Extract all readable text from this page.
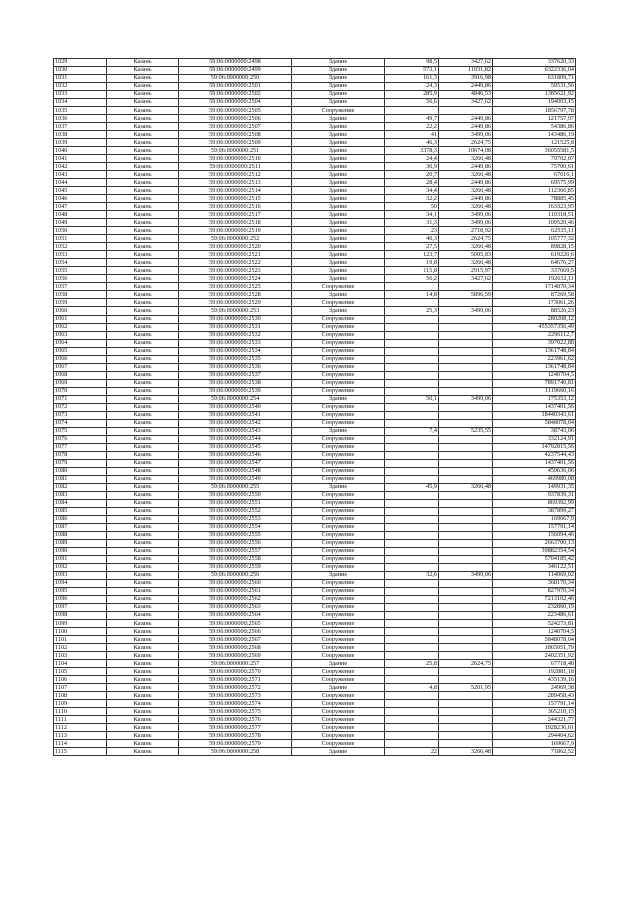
1029	Казань	59:06:0000000:2498	Здание	98,5	3427,62	337620,33
1030	Казань	59:06:0000000:2499	Здание	573,1	11031,82	6322336,04
1031	Казань	59:06:0000000:250	Здание	161,3	3916,98	631809,71
1032	Казань	59:06:0000000:2501	Здание	24,3	2449,86	59531,56
1033	Казань	59:06:0000000:2502	Здание	285,9	4846,53	1385621,92
1034	Казань	59:06:0000000:2504	Здание	56,6	3427,62	194003,15
1035	Казань	59:06:0000000:2505	Сооружение			1856797,78
1036	Казань	59:06:0000000:2506	Здание	49,7	2449,86	121757,97
1037	Казань	59:06:0000000:2507	Здание	22,2	2449,86	54386,86
1038	Казань	59:06:0000000:2508	Здание	41	3499,06	143486,19
1039	Казань	59:06:0000000:2509	Здание	46,3	2624,75	121525,8
1040	Казань	59:06:0000000:251	Здание	3378,3	10674,08	36055581,5
1041	Казань	59:06:0000000:2510	Здание	24,4	3266,48	79702,07
1042	Казань	59:06:0000000:2511	Здание	30,9	2449,86	75700,61
1043	Казань	59:06:0000000:2512	Здание	20,7	3266,48	67616,1
1044	Казань	59:06:0000000:2513	Здание	28,4	2449,86	69575,99
1045	Казань	59:06:0000000:2514	Здание	34,4	3266,48	112366,85
1046	Казань	59:06:0000000:2515	Здание	32,2	2449,86	78885,45
1047	Казань	59:06:0000000:2516	Здание	50	3266,48	163323,95
1048	Казань	59:06:0000000:2517	Здание	34,1	3499,06	119318,51
1049	Казань	59:06:0000000:2518	Здание	31,3	3499,06	109520,46
1050	Казань	59:06:0000000:2519	Здание	23	2718,92	62535,11
1051	Казань	59:06:0000000:252	Здание	40,3	2624,75	105777,32
1052	Казань	59:06:0000000:2520	Здание	27,5	3266,48	89828,15
1053	Казань	59:06:0000000:2521	Здание	123,7	5005,83	619220,6
1054	Казань	59:06:0000000:2522	Здание	19,8	3266,48	64676,27
1055	Казань	59:06:0000000:2523	Здание	115,8	2915,97	337669,5
1056	Казань	59:06:0000000:2524	Здание	56,2	3427,62	192632,11
1057	Казань	59:06:0000000:2525	Сооружение			1714870,34
1058	Казань	59:06:0000000:2528	Здание	14,8	5896,59	87269,58
1059	Казань	59:06:0000000:2529	Сооружение			173061,26
1060	Казань	59:06:0000000:253	Здание	25,3	3499,06	88526,23
1061	Казань	59:06:0000000:2530	Сооружение			280208,12
1062	Казань	59:06:0000000:2531	Сооружение			455357356,49
1063	Казань	59:06:0000000:2532	Сооружение			2296112,7
1064	Казань	59:06:0000000:2533	Сооружение			397022,88
1065	Казань	59:06:0000000:2534	Сооружение			1361748,84
1066	Казань	59:06:0000000:2535	Сооружение			223961,62
1067	Казань	59:06:0000000:2536	Сооружение			1361748,84
1068	Казань	59:06:0000000:2537	Сооружение			1240704,5
1069	Казань	59:06:0000000:2538	Сооружение			7891740,81
1070	Казань	59:06:0000000:2539	Сооружение			1119660,16
1071	Казань	59:06:0000000:254	Здание	50,1	3499,06	175353,12
1072	Казань	59:06:0000000:2540	Сооружение			1437401,56
1073	Казань	59:06:0000000:2541	Сооружение			18440343,61
1074	Казань	59:06:0000000:2542	Сооружение			5848078,04
1075	Казань	59:06:0000000:2543	Здание	7,4	5235,55	38743,06
1076	Казань	59:06:0000000:2544	Сооружение			332124,91
1077	Казань	59:06:0000000:2545	Сооружение			14792815,56
1078	Казань	59:06:0000000:2546	Сооружение			4237544,43
1079	Казань	59:06:0000000:2547	Сооружение			1437401,56
1080	Казань	59:06:0000000:2548	Сооружение			459636,06
1081	Казань	59:06:0000000:2549	Сооружение			469980,08
1082	Казань	59:06:0000000:255	Здание	45,9	3266,48	149931,35
1083	Казань	59:06:0000000:2550	Сооружение			937839,31
1084	Казань	59:06:0000000:2551	Сооружение			869392,99
1085	Казань	59:06:0000000:2552	Сооружение			387899,27
1086	Казань	59:06:0000000:2553	Сооружение			169667,9
1087	Казань	59:06:0000000:2554	Сооружение			157791,14
1088	Казань	59:06:0000000:2555	Сооружение			156094,46
1089	Казань	59:06:0000000:2556	Сооружение			2663700,13
1090	Казань	59:06:0000000:2557	Сооружение			39882354,54
1091	Казань	59:06:0000000:2558	Сооружение			5704185,42
1092	Казань	59:06:0000000:2559	Сооружение			346122,51
1093	Казань	59:06:0000000:256	Здание	32,6	3499,06	114069,02
1094	Казань	59:06:0000000:2560	Сооружение			368170,34
1095	Казань	59:06:0000000:2561	Сооружение			827970,34
1096	Казань	59:06:0000000:2562	Сооружение			7213102,46
1097	Казань	59:06:0000000:2563	Сооружение			232860,19
1098	Казань	59:06:0000000:2564	Сооружение			223486,61
1099	Казань	59:06:0000000:2565	Сооружение			524273,81
1100	Казань	59:06:0000000:2566	Сооружение			1240704,5
1101	Казань	59:06:0000000:2567	Сооружение			5848078,04
1102	Казань	59:06:0000000:2568	Сооружение			1865051,79
1103	Казань	59:06:0000000:2569	Сооружение			2402351,92
1104	Казань	59:06:0000000:257	Здание	25,8	2624,75	67718,48
1105	Казань	59:06:0000000:2570	Сооружение			192881,18
1106	Казань	59:06:0000000:2571	Сооружение			435139,16
1107	Казань	59:06:0000000:2572	Здание	4,8	5201,95	24969,38
1108	Казань	59:06:0000000:2573	Сооружение			289458,43
1109	Казань	59:06:0000000:2574	Сооружение			157791,14
1110	Казань	59:06:0000000:2575	Сооружение			365210,15
1111	Казань	59:06:0000000:2576	Сооружение			244321,77
1112	Казань	59:06:0000000:2577	Сооружение			1928236,61
1113	Казань	59:06:0000000:2578	Сооружение			294404,62
1114	Казань	59:06:0000000:2579	Сооружение			169667,9
1115	Казань	59:06:0000000:258	Здание	22	3266,48	71862,52
